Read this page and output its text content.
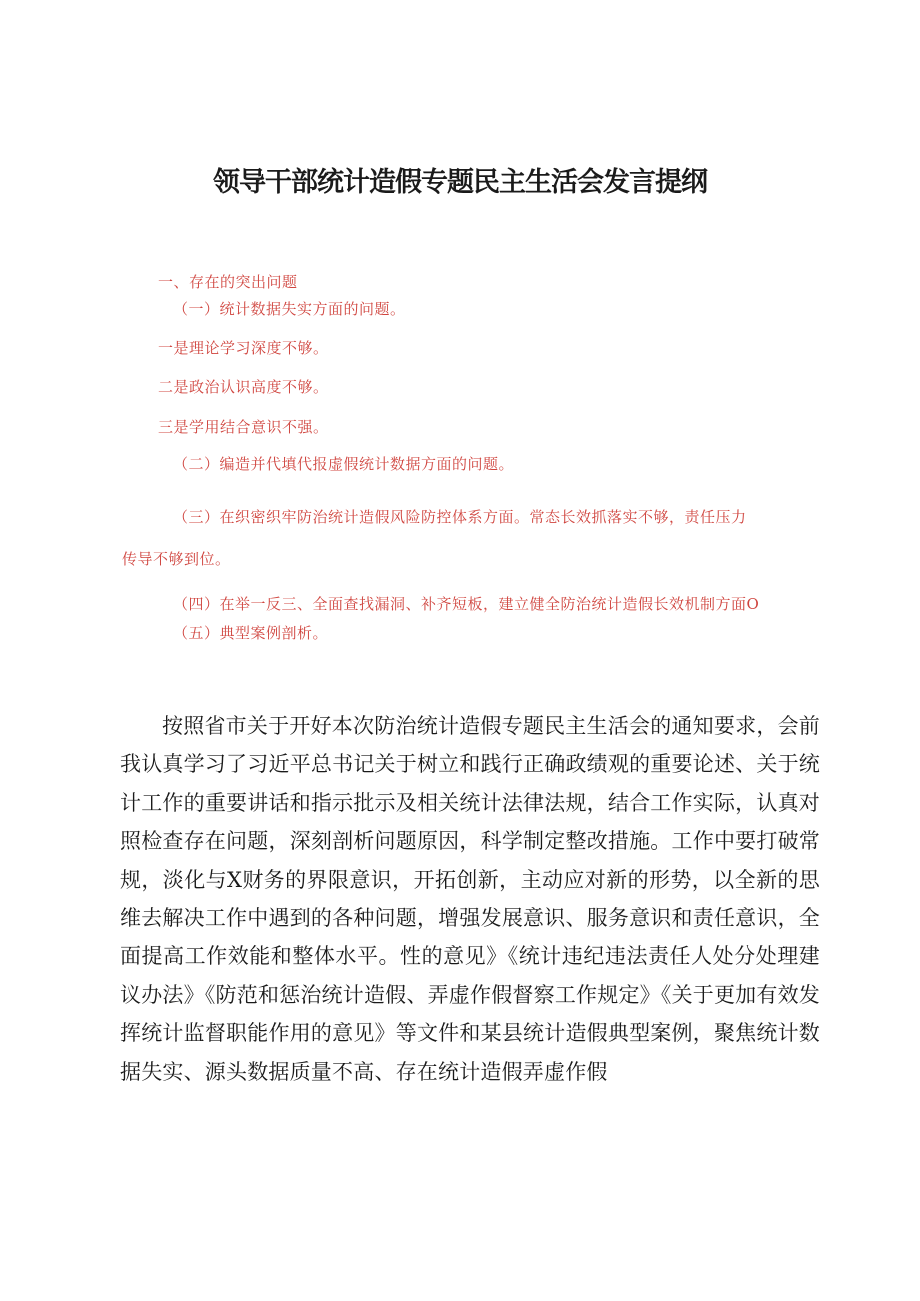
领导干部统计造假专题民主生活会发言提纲
一、存在的突出问题
（一）统计数据失实方面的问题。
一是理论学习深度不够。
二是政治认识高度不够。
三是学用结合意识不强。
（二）编造并代填代报虚假统计数据方面的问题。
（三）在织密织牢防治统计造假风险防控体系方面。常态长效抓落实不够，责任压力
传导不够到位。
（四）在举一反三、全面查找漏洞、补齐短板，建立健全防治统计造假长效机制方面O
（五）典型案例剖析。

按照省市关于开好本次防治统计造假专题民主生活会的通知要求，会前我认真学习了习近平总书记关于树立和践行正确政绩观的重要论述、关于统计工作的重要讲话和指示批示及相关统计法律法规，结合工作实际，认真对照检查存在问题，深刻剖析问题原因，科学制定整改措施。工作中要打破常规，淡化与X财务的界限意识，开拓创新，主动应对新的形势，以全新的思维去解决工作中遇到的各种问题，增强发展意识、服务意识和责任意识，全面提高工作效能和整体水平。性的意见》《统计违纪违法责任人处分处理建议办法》《防范和惩治统计造假、弄虚作假督察工作规定》《关于更加有效发挥统计监督职能作用的意见》等文件和某县统计造假典型案例，聚焦统计数据失实、源头数据质量不高、存在统计造假弄虚作假
